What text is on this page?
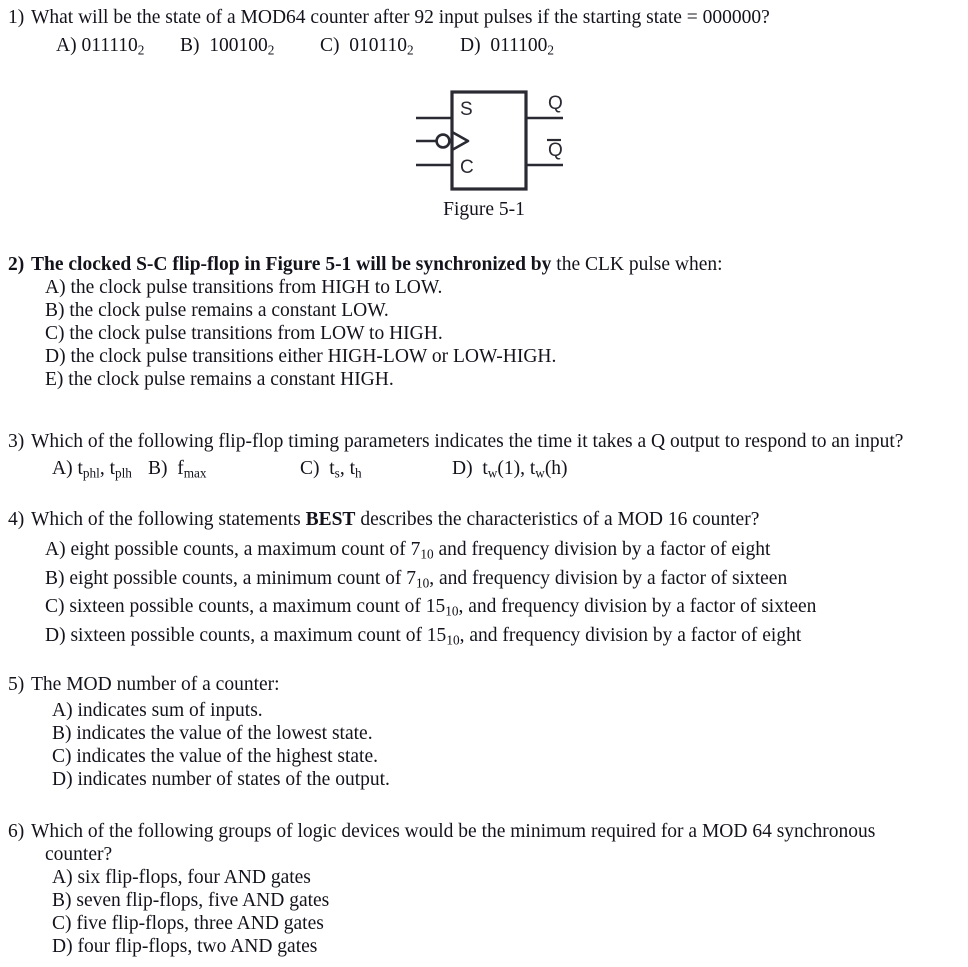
1) What will be the state of a MOD64 counter after 92 input pulses if the starting state = 000000?
A) $011110_2$ B) $100100_2$ C) $010110_2$ D) $011100_2$
S
C
Q
Q
Figure 5-1
2) The clocked S-C flip-flop in Figure 5-1 will be synchronized by the CLK pulse when:
A) the clock pulse transitions from HIGH to LOW.
B) the clock pulse remains a constant LOW.
C) the clock pulse transitions from LOW to HIGH.
D) the clock pulse transitions either HIGH-LOW or LOW-HIGH.
E) the clock pulse remains a constant HIGH.
3) Which of the following flip-flop timing parameters indicates the time it takes a Q output to respond to an input?
A) $t_{phl}$, $t_{plh}$ B) $f_{max}$	C) $t_s$, $t_h$	D) $t_w(1)$, $t_w(h)$
4) Which of the following statements BEST describes the characteristics of a MOD 16 counter?
A) eight possible counts, a maximum count of $7_{10}$ and frequency division by a factor of eight
B) eight possible counts, a minimum count of $7_{10}$, and frequency division by a factor of sixteen
C) sixteen possible counts, a maximum count of $15_{10}$, and frequency division by a factor of sixteen
D) sixteen possible counts, a maximum count of $15_{10}$, and frequency division by a factor of eight
5) The MOD number of a counter:
A) indicates sum of inputs.
B) indicates the value of the lowest state.
C) indicates the value of the highest state.
D) indicates number of states of the output.
6) Which of the following groups of logic devices would be the minimum required for a MOD 64 synchronous
counter?
A) six flip-flops, four AND gates
B) seven flip-flops, five AND gates
C) five flip-flops, three AND gates
D) four flip-flops, two AND gates
